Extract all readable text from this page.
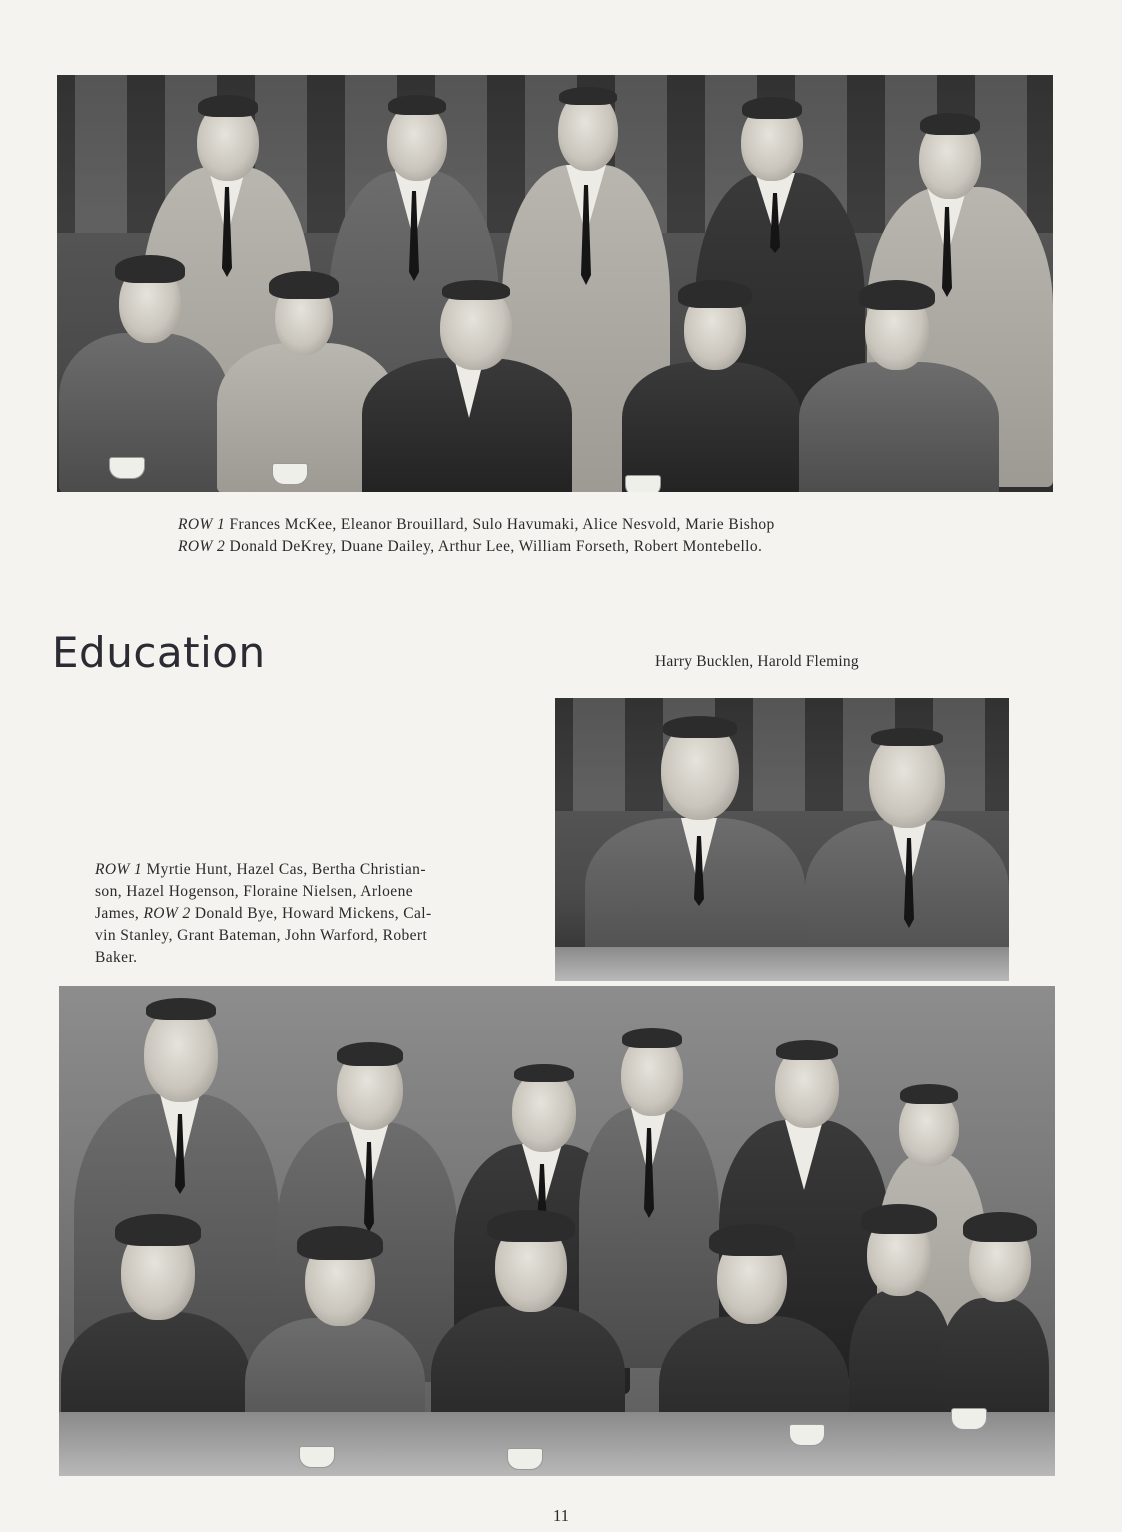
ROW 1 Frances McKee, Eleanor Brouillard, Sulo Havumaki, Alice Nesvold, Marie Bishop
ROW 2 Donald DeKrey, Duane Dailey, Arthur Lee, William Forseth, Robert Montebello.
Education	Harry Bucklen, Harold Fleming
ROW 1 Myrtie Hunt, Hazel Cas, Bertha Christian-
son, Hazel Hogenson, Floraine Nielsen, Arloene
James, ROW 2 Donald Bye, Howard Mickens, Cal-
vin Stanley, Grant Bateman, John Warford, Robert
Baker.
11
